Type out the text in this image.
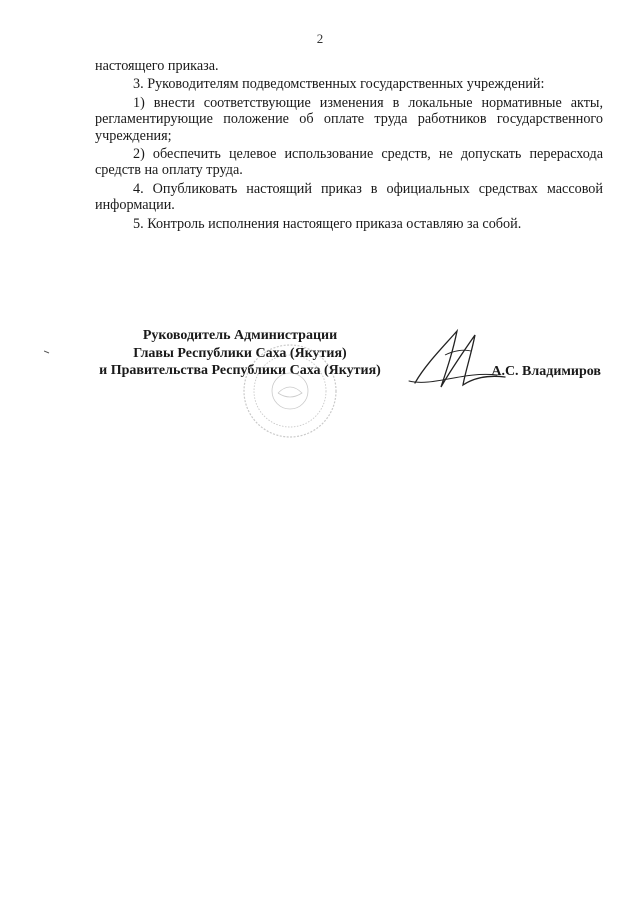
2

настоящего приказа.

3. Руководителям подведомственных государственных учреждений:

1) внести соответствующие изменения в локальные нормативные акты, регламентирующие положение об оплате труда работников государственного учреждения;

2) обеспечить целевое использование средств, не допускать перерасхода средств на оплату труда.

4. Опубликовать настоящий приказ в официальных средствах массовой информации.

5. Контроль исполнения настоящего приказа оставляю за собой.

Руководитель Администрации
Главы Республики Саха (Якутия)
и Правительства Республики Саха (Якутия)	А.С. Владимиров
